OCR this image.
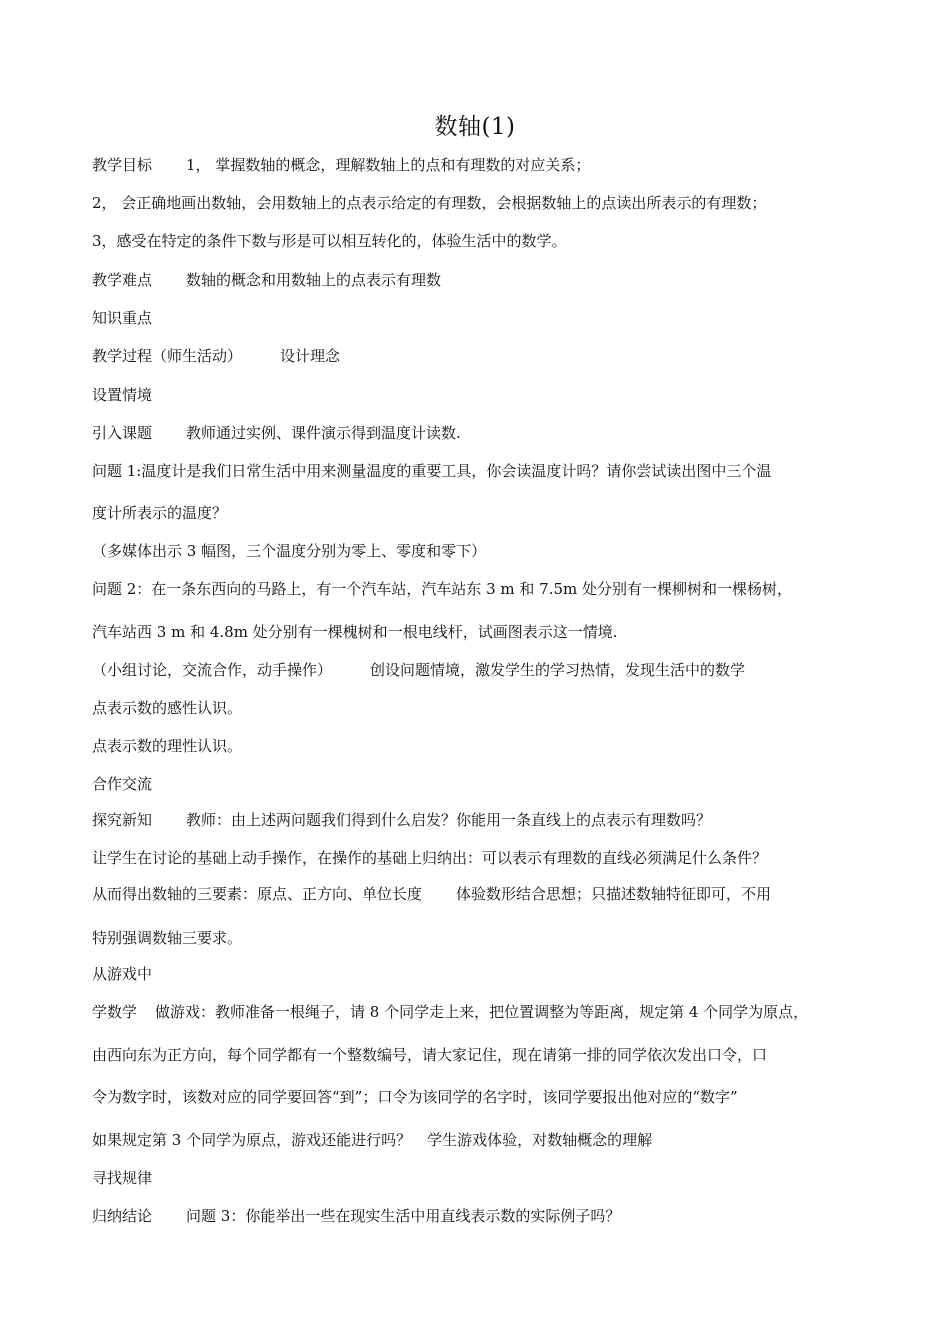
数轴(1)
教学目标 1， 掌握数轴的概念，理解数轴上的点和有理数的对应关系；
2， 会正确地画出数轴，会用数轴上的点表示给定的有理数，会根据数轴上的点读出所表示的有理数；
3，感受在特定的条件下数与形是可以相互转化的，体验生活中的数学。
教学难点 数轴的概念和用数轴上的点表示有理数
知识重点
教学过程（师生活动）	设计理念
设置情境
引入课题 教师通过实例、课件演示得到温度计读数.
问题 1:温度计是我们日常生活中用来测量温度的重要工具，你会读温度计吗？请你尝试读出图中三个温
度计所表示的温度？
（多媒体出示 3 幅图，三个温度分别为零上、零度和零下）
问题 2：在一条东西向的马路上，有一个汽车站，汽车站东 3 m 和 7.5m 处分别有一棵柳树和一棵杨树，
汽车站西 3 m 和 4.8m 处分别有一棵槐树和一根电线杆，试画图表示这一情境.
（小组讨论，交流合作，动手操作）	创设问题情境，激发学生的学习热情，发现生活中的数学
点表示数的感性认识。
点表示数的理性认识。
合作交流
探究新知 教师：由上述两问题我们得到什么启发？你能用一条直线上的点表示有理数吗？
让学生在讨论的基础上动手操作，在操作的基础上归纳出：可以表示有理数的直线必须满足什么条件？
从而得出数轴的三要素：原点、正方向、单位长度 体验数形结合思想；只描述数轴特征即可，不用
特别强调数轴三要求。
从游戏中
学数学 做游戏：教师准备一根绳子，请 8 个同学走上来，把位置调整为等距离，规定第 4 个同学为原点，
由西向东为正方向，每个同学都有一个整数编号，请大家记住，现在请第一排的同学依次发出口令，口
令为数字时，该数对应的同学要回答“到”；口令为该同学的名字时，该同学要报出他对应的“数字”
如果规定第 3 个同学为原点，游戏还能进行吗？ 学生游戏体验，对数轴概念的理解
寻找规律
归纳结论 问题 3：你能举出一些在现实生活中用直线表示数的实际例子吗？
